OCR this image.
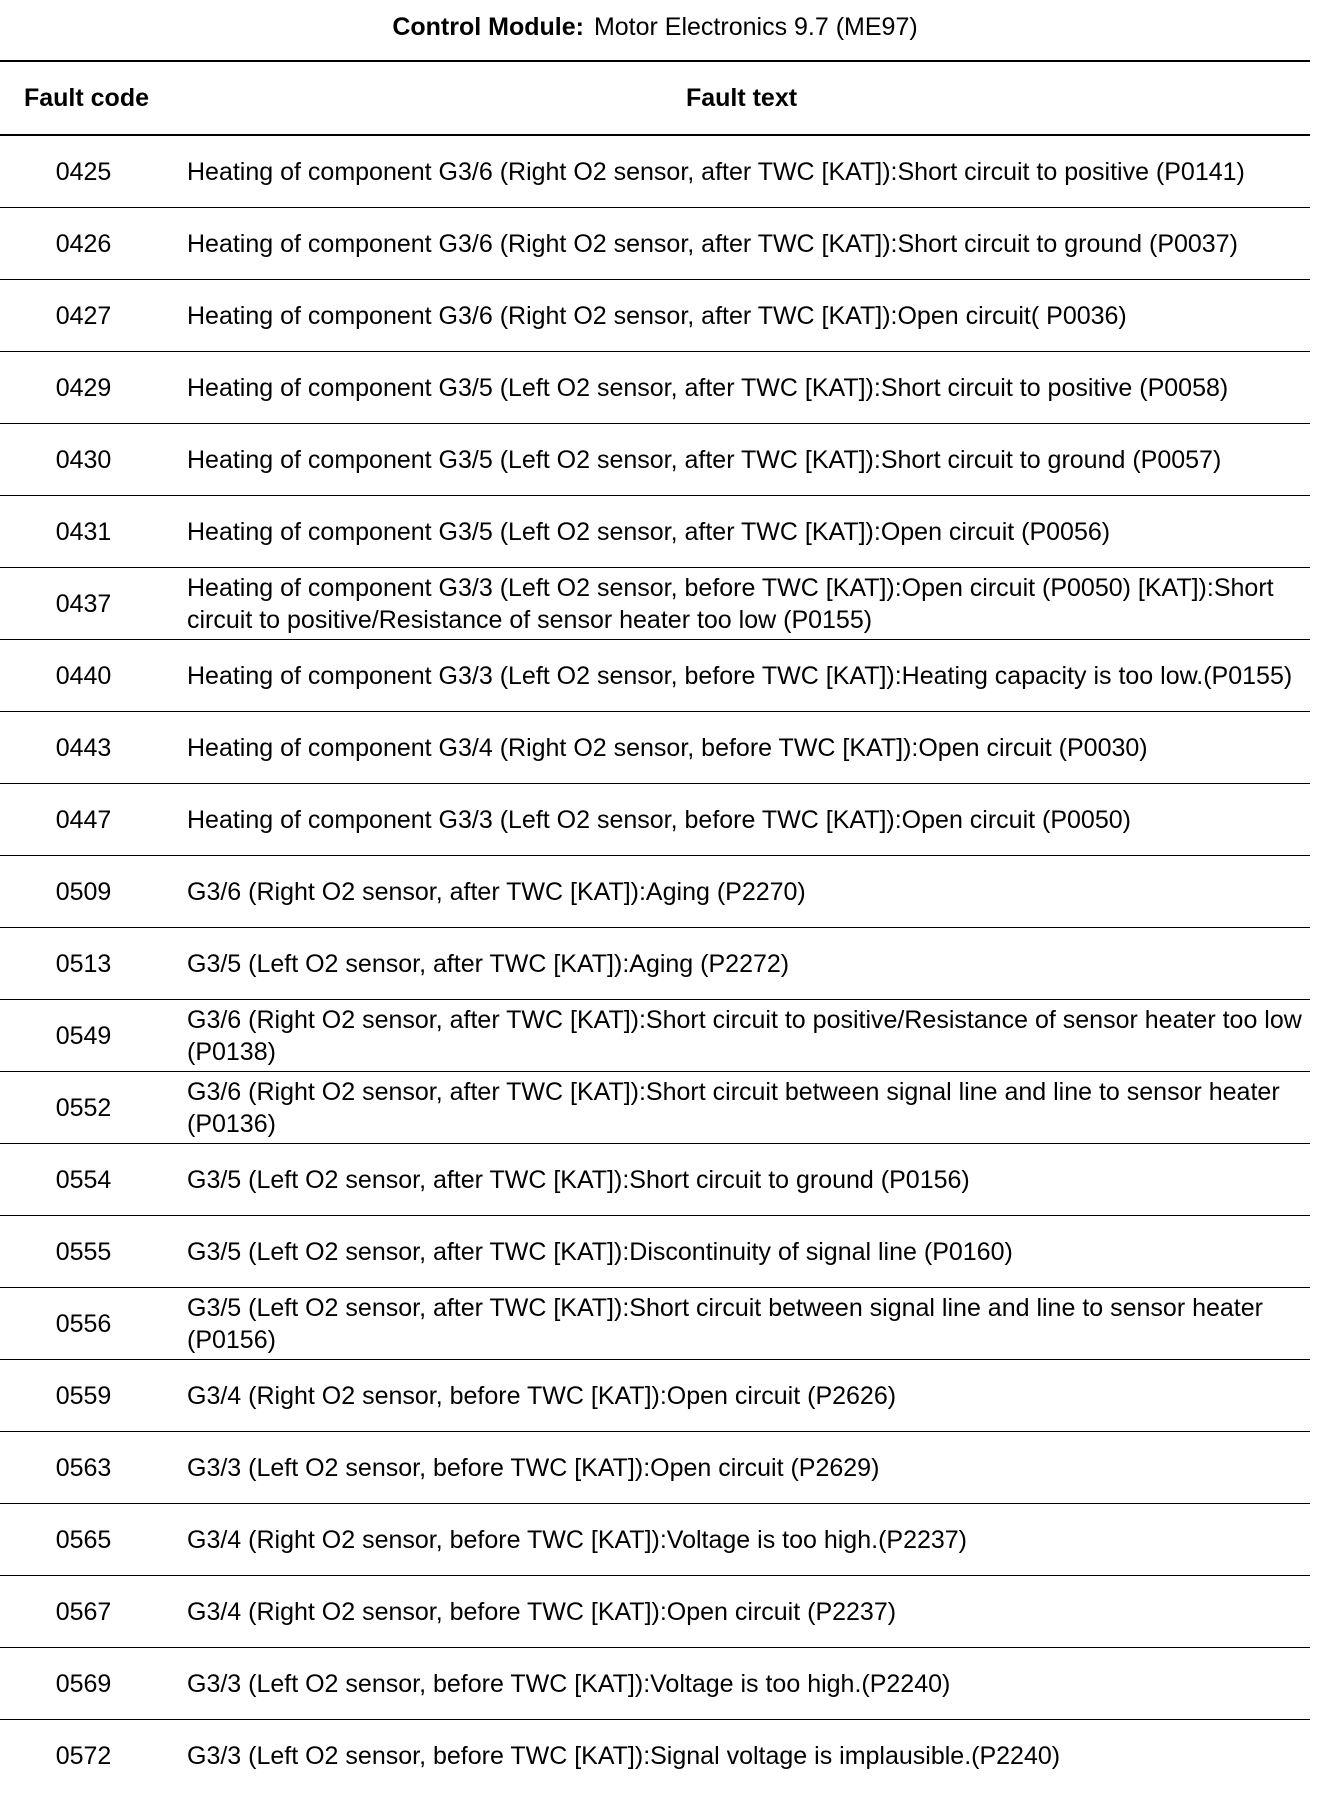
Control Module: Motor Electronics 9.7 (ME97)
Fault code	Fault text
0425	Heating of component G3/6 (Right O2 sensor, after TWC [KAT]):Short circuit to positive (P0141)
0426	Heating of component G3/6 (Right O2 sensor, after TWC [KAT]):Short circuit to ground (P0037)
0427	Heating of component G3/6 (Right O2 sensor, after TWC [KAT]):Open circuit( P0036)
0429	Heating of component G3/5 (Left O2 sensor, after TWC [KAT]):Short circuit to positive (P0058)
0430	Heating of component G3/5 (Left O2 sensor, after TWC [KAT]):Short circuit to ground (P0057)
0431	Heating of component G3/5 (Left O2 sensor, after TWC [KAT]):Open circuit (P0056)
0437	Heating of component G3/3 (Left O2 sensor, before TWC [KAT]):Open circuit (P0050) [KAT]):Short circuit to positive/Resistance of sensor heater too low (P0155)
0440	Heating of component G3/3 (Left O2 sensor, before TWC [KAT]):Heating capacity is too low.(P0155)
0443	Heating of component G3/4 (Right O2 sensor, before TWC [KAT]):Open circuit (P0030)
0447	Heating of component G3/3 (Left O2 sensor, before TWC [KAT]):Open circuit (P0050)
0509	G3/6 (Right O2 sensor, after TWC [KAT]):Aging (P2270)
0513	G3/5 (Left O2 sensor, after TWC [KAT]):Aging (P2272)
0549	G3/6 (Right O2 sensor, after TWC [KAT]):Short circuit to positive/Resistance of sensor heater too low (P0138)
0552	G3/6 (Right O2 sensor, after TWC [KAT]):Short circuit between signal line and line to sensor heater (P0136)
0554	G3/5 (Left O2 sensor, after TWC [KAT]):Short circuit to ground (P0156)
0555	G3/5 (Left O2 sensor, after TWC [KAT]):Discontinuity of signal line (P0160)
0556	G3/5 (Left O2 sensor, after TWC [KAT]):Short circuit between signal line and line to sensor heater (P0156)
0559	G3/4 (Right O2 sensor, before TWC [KAT]):Open circuit (P2626)
0563	G3/3 (Left O2 sensor, before TWC [KAT]):Open circuit (P2629)
0565	G3/4 (Right O2 sensor, before TWC [KAT]):Voltage is too high.(P2237)
0567	G3/4 (Right O2 sensor, before TWC [KAT]):Open circuit (P2237)
0569	G3/3 (Left O2 sensor, before TWC [KAT]):Voltage is too high.(P2240)
0572	G3/3 (Left O2 sensor, before TWC [KAT]):Signal voltage is implausible.(P2240)
